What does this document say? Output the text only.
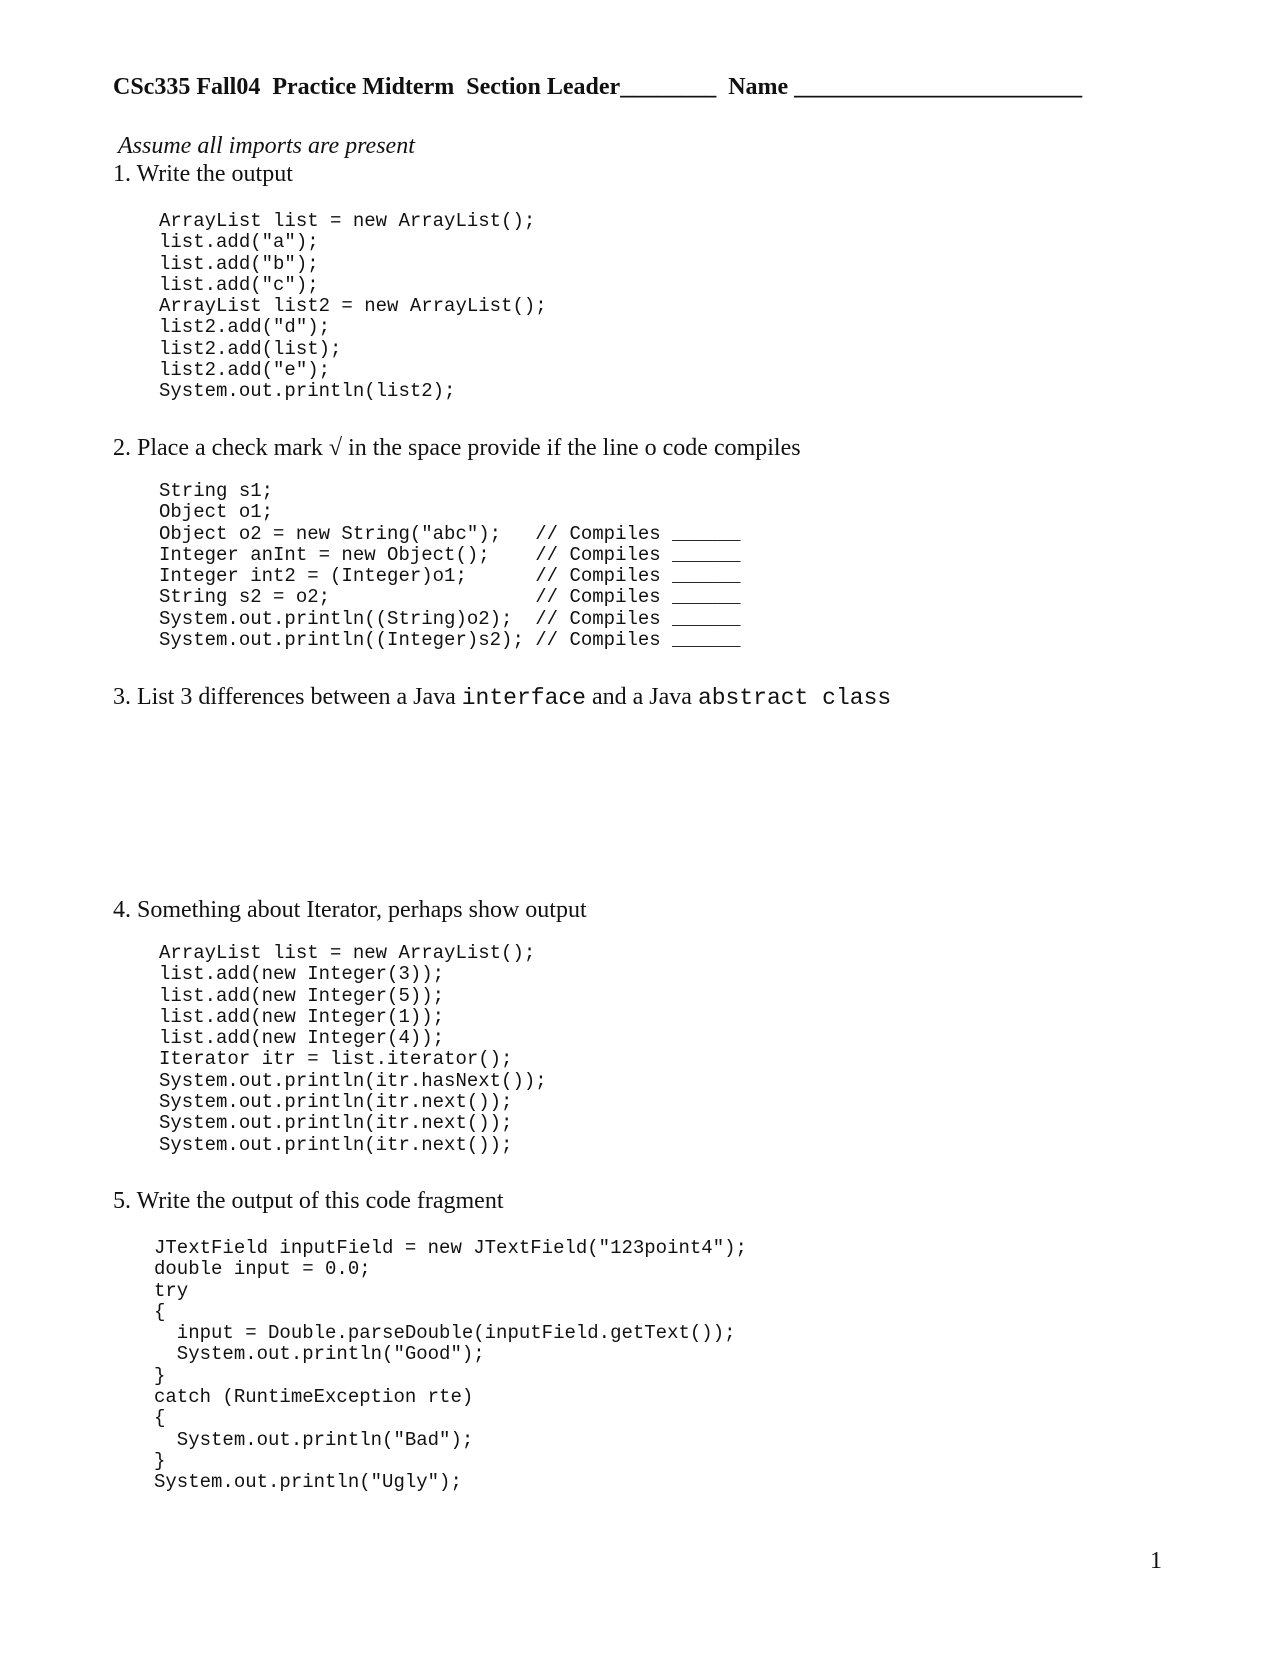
CSc335 Fall04  Practice Midterm  Section Leader________  Name ________________________
Assume all imports are present
1. Write the output
ArrayList list = new ArrayList();
list.add("a");
list.add("b");
list.add("c");
ArrayList list2 = new ArrayList();
list2.add("d");
list2.add(list);
list2.add("e");
System.out.println(list2);
2. Place a check mark √ in the space provide if the line o code compiles
String s1;
Object o1;
Object o2 = new String("abc");   // Compiles ______
Integer anInt = new Object();    // Compiles ______
Integer int2 = (Integer)o1;      // Compiles ______
String s2 = o2;                  // Compiles ______
System.out.println((String)o2);  // Compiles ______
System.out.println((Integer)s2); // Compiles ______
3. List 3 differences between a Java interface and a Java abstract class
4. Something about Iterator, perhaps show output
ArrayList list = new ArrayList();
list.add(new Integer(3));
list.add(new Integer(5));
list.add(new Integer(1));
list.add(new Integer(4));
Iterator itr = list.iterator();
System.out.println(itr.hasNext());
System.out.println(itr.next());
System.out.println(itr.next());
System.out.println(itr.next());
5. Write the output of this code fragment
JTextField inputField = new JTextField("123point4");
double input = 0.0;
try
{
input = Double.parseDouble(inputField.getText());
System.out.println("Good");
}
catch (RuntimeException rte)
{
System.out.println("Bad");
}
System.out.println("Ugly");
1
